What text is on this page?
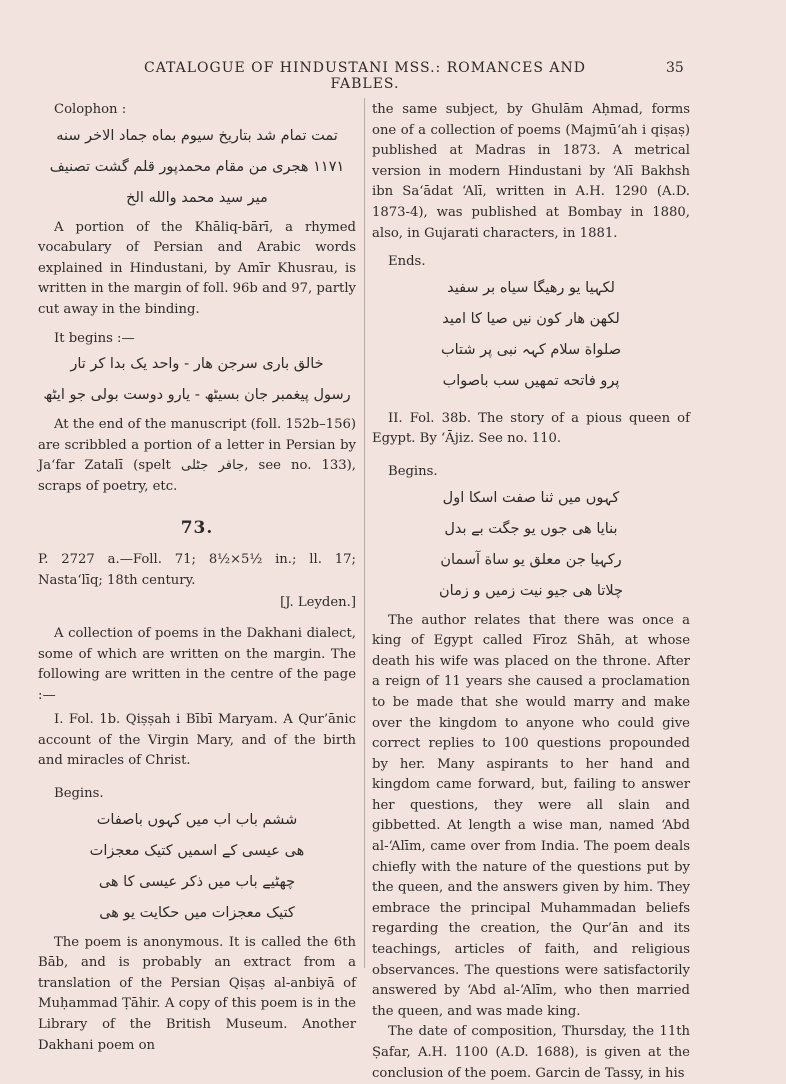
CATALOGUE OF HINDUSTANI MSS.: ROMANCES AND FABLES.
35

Colophon :

تمت تمام شد بتاریخ سیوم بماه جماد الاخر سنه
١١٧١ هجری من مقام محمدپور قلم گشت تصنیف
میر سید محمد والله الخ

A portion of the Khāliq-bārī, a rhymed vocabulary of Persian and Arabic words explained in Hindustani, by Amīr Khusrau, is written in the margin of foll. 96b and 97, partly cut away in the binding.

It begins :—

خالق باری سرجن هار - واحد یک بدا کر تار
رسول پیغمبر جان بسیٹھ - یارو دوست بولی جو ایٹھ

At the end of the manuscript (foll. 152b–156) are scribbled a portion of a letter in Persian by Ja‘far Zatalī (spelt جافر جٹلی, see no. 133), scraps of poetry, etc.

73.

P. 2727 a.—Foll. 71; 8½×5½ in.; ll. 17; Nasta‘līq; 18th century.

[J. Leyden.]

A collection of poems in the Dakhani dialect, some of which are written on the margin. The following are written in the centre of the page :—

I. Fol. 1b. Qiṣṣah i Bībī Maryam. A Qur’ānic account of the Virgin Mary, and of the birth and miracles of Christ.

Begins.

ششم باب اب میں کہوں باصفات
هی عیسی کے اسمیں کتیک معجزات
چھٹیے باب میں ذکر عیسی کا هی
کتیک معجزات میں حکایت یو هی

The poem is anonymous. It is called the 6th Bāb, and is probably an extract from a translation of the Persian Qiṣaṣ al-anbiyā of Muḥammad Ṭāhir. A copy of this poem is in the Library of the British Museum. Another Dakhani poem on

the same subject, by Ghulām Aḥmad, forms one of a collection of poems (Majmū‘ah i qiṣaṣ) published at Madras in 1873. A metrical version in modern Hindustani by ‘Alī Bakhsh ibn Sa‘ādat ‘Alī, written in A.H. 1290 (A.D. 1873-4), was published at Bombay in 1880, also, in Gujarati characters, in 1881.

Ends.

لکہیا یو رهیگا سیاه بر سفید
لکهن هار کون نیں صیا کا امید
صلواة سلام کہہ نبی پر شتاب
پرو فاتحه تمهیں سب باصواب

II. Fol. 38b. The story of a pious queen of Egypt. By ‘Ājiz. See no. 110.

Begins.

کہوں میں ثنا صفت اسکا اول
بنایا هی جوں یو جگت بے بدل
رکہیا جن معلق یو ساة آسمان
چلاتا هی جیو نیت زمیں و زمان

The author relates that there was once a king of Egypt called Fīroz Shāh, at whose death his wife was placed on the throne. After a reign of 11 years she caused a proclamation to be made that she would marry and make over the kingdom to anyone who could give correct replies to 100 questions propounded by her. Many aspirants to her hand and kingdom came forward, but, failing to answer her questions, they were all slain and gibbetted. At length a wise man, named ‘Abd al-‘Alīm, came over from India. The poem deals chiefly with the nature of the questions put by the queen, and the answers given by him. They embrace the principal Muhammadan beliefs regarding the creation, the Qur’ān and its teachings, articles of faith, and religious observances. The questions were satisfactorily answered by ‘Abd al-‘Alīm, who then married the queen, and was made king.

The date of composition, Thursday, the 11th Ṣafar, A.H. 1100 (A.D. 1688), is given at the conclusion of the poem. Garcin de Tassy, in his
